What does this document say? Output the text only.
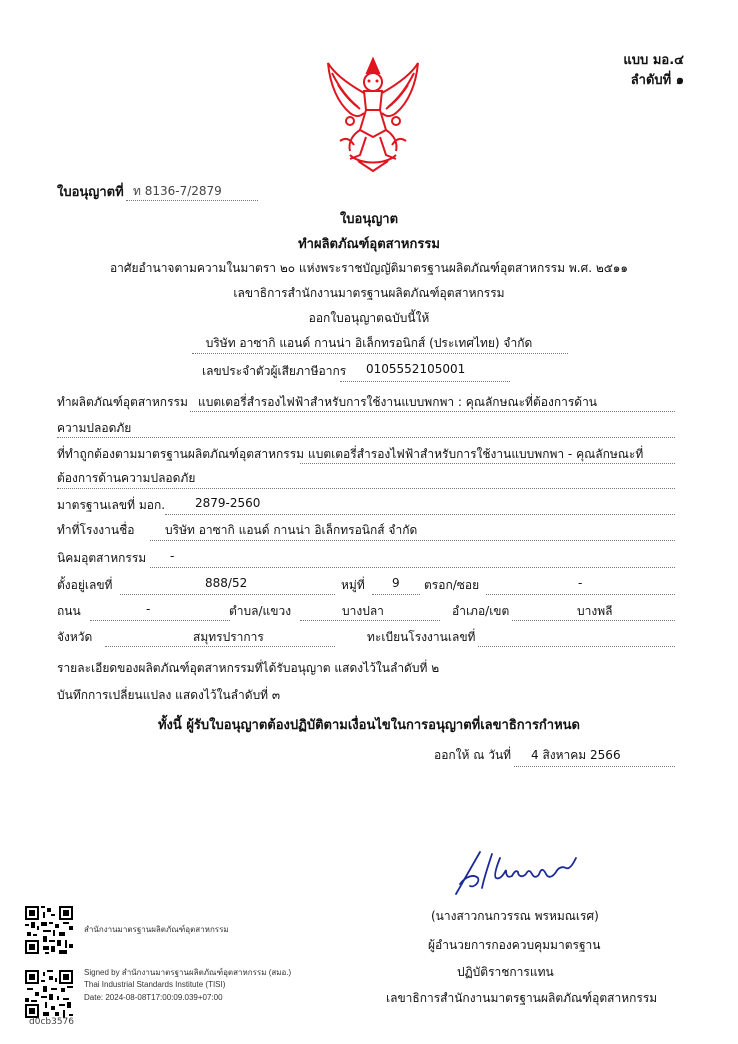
แบบ มอ.๔
ลำดับที่ ๑
ใบอนุญาตที่ ท 8136-7/2879
ใบอนุญาต
ทำผลิตภัณฑ์อุตสาหกรรม
อาศัยอำนาจตามความในมาตรา ๒๐ แห่งพระราชบัญญัติมาตรฐานผลิตภัณฑ์อุตสาหกรรม พ.ศ. ๒๕๑๑
เลขาธิการสำนักงานมาตรฐานผลิตภัณฑ์อุตสาหกรรม
ออกใบอนุญาตฉบับนี้ให้
บริษัท อาซากิ แอนด์ กานน่า อิเล็กทรอนิกส์ (ประเทศไทย) จำกัด
เลขประจำตัวผู้เสียภาษีอากร 0105552105001
ทำผลิตภัณฑ์อุตสาหกรรม แบตเตอรี่สำรองไฟฟ้าสำหรับการใช้งานแบบพกพา : คุณลักษณะที่ต้องการด้าน
ความปลอดภัย
ที่ทำถูกต้องตามมาตรฐานผลิตภัณฑ์อุตสาหกรรม แบตเตอรี่สำรองไฟฟ้าสำหรับการใช้งานแบบพกพา - คุณลักษณะที่
ต้องการด้านความปลอดภัย
มาตรฐานเลขที่ มอก. 2879-2560
ทำที่โรงงานชื่อ	บริษัท อาซากิ แอนด์ กานน่า อิเล็กทรอนิกส์ จำกัด
นิคมอุตสาหกรรม -
ตั้งอยู่เลขที่	888/52	หมู่ที่ 9 ตรอก/ซอย	-
ถนน	-	ตำบล/แขวง	บางปลา	อำเภอ/เขต	บางพลี
จังหวัด	สมุทรปราการ	ทะเบียนโรงงานเลขที่
รายละเอียดของผลิตภัณฑ์อุตสาหกรรมที่ได้รับอนุญาต แสดงไว้ในลำดับที่ ๒
บันทึกการเปลี่ยนแปลง แสดงไว้ในลำดับที่ ๓
ทั้งนี้ ผู้รับใบอนุญาตต้องปฏิบัติตามเงื่อนไขในการอนุญาตที่เลขาธิการกำหนด
ออกให้ ณ วันที่ 4 สิงหาคม 2566
(นางสาวกนกวรรณ พรหมณเรศ)
ผู้อำนวยการกองควบคุมมาตรฐาน
ปฏิบัติราชการแทน
เลขาธิการสำนักงานมาตรฐานผลิตภัณฑ์อุตสาหกรรม
สำนักงานมาตรฐานผลิตภัณฑ์อุตสาหกรรม
Signed by สำนักงานมาตรฐานผลิตภัณฑ์อุตสาหกรรม (สมอ.)
Thai Industrial Standards Institute (TISI)
Date: 2024-08-08T17:00:09.039+07:00
d0cb3576
